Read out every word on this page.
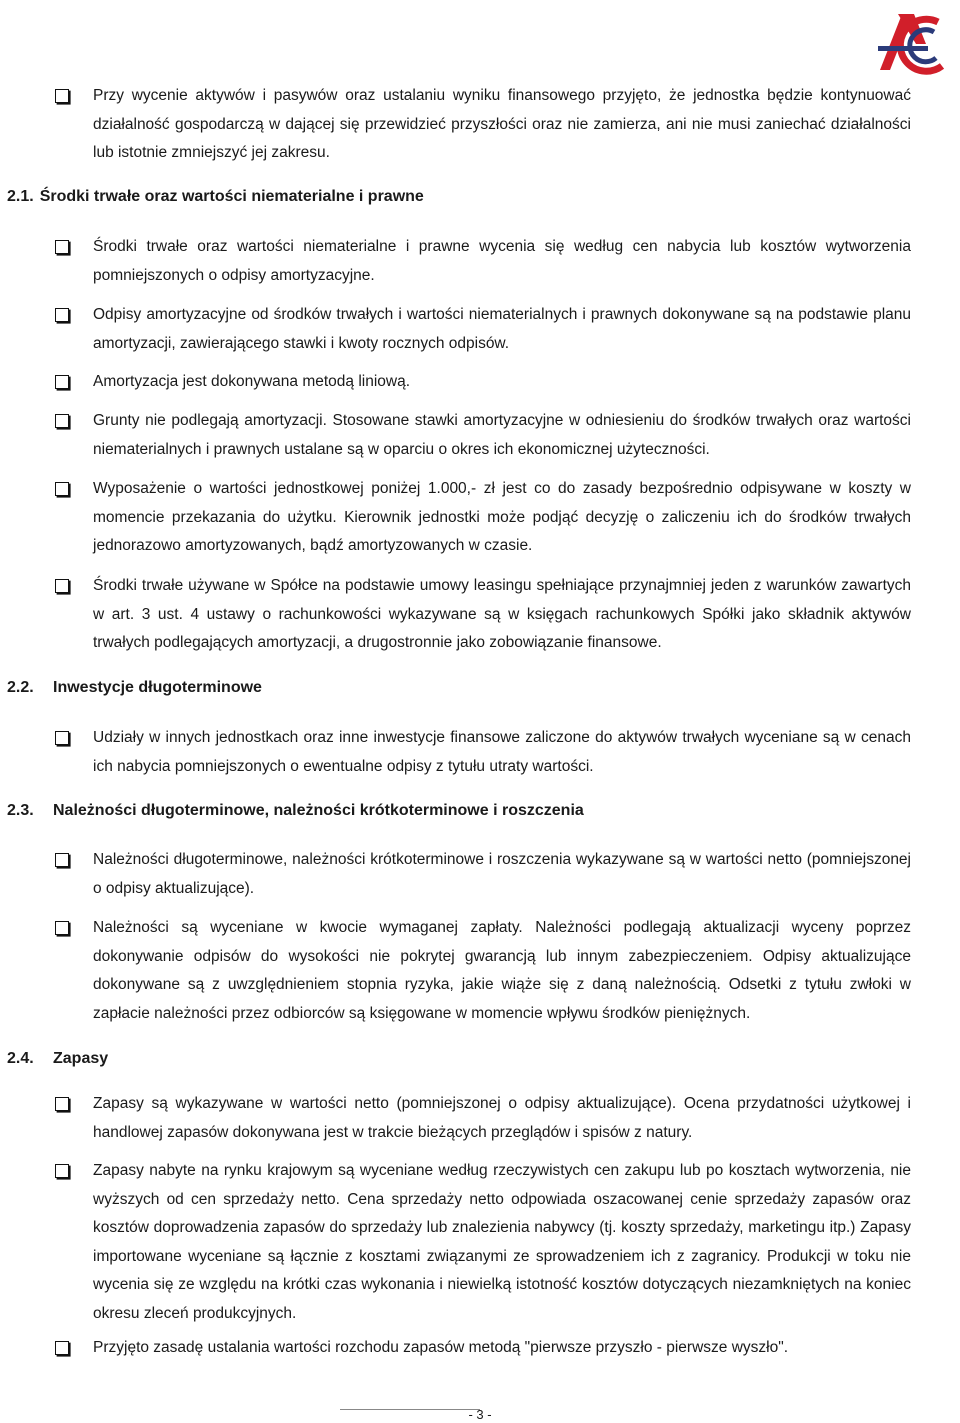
Przy wycenie aktywów i pasywów oraz ustalaniu wyniku finansowego przyjęto, że jednostka będzie kontynuować działalność gospodarczą w dającej się przewidzieć przyszłości oraz nie zamierza, ani nie musi zaniechać działalności lub istotnie zmniejszyć jej zakresu.
2.1. Środki trwałe oraz wartości niematerialne i prawne
Środki trwałe oraz wartości niematerialne i prawne wycenia się według cen nabycia lub kosztów wytworzenia pomniejszonych o odpisy amortyzacyjne.
Odpisy amortyzacyjne od środków trwałych i wartości niematerialnych i prawnych dokonywane są na podstawie planu amortyzacji, zawierającego stawki i kwoty rocznych odpisów.
Amortyzacja jest dokonywana metodą liniową.
Grunty nie podlegają amortyzacji. Stosowane stawki amortyzacyjne w odniesieniu do środków trwałych oraz wartości niematerialnych i prawnych ustalane są w oparciu o okres ich ekonomicznej użyteczności.
Wyposażenie o wartości jednostkowej poniżej 1.000,- zł jest co do zasady bezpośrednio odpisywane w koszty w momencie przekazania do użytku. Kierownik jednostki może podjąć decyzję o zaliczeniu ich do środków trwałych jednorazowo amortyzowanych, bądź amortyzowanych w czasie.
Środki trwałe używane w Spółce na podstawie umowy leasingu spełniające przynajmniej jeden z warunków zawartych w art. 3 ust. 4 ustawy o rachunkowości wykazywane są w księgach rachunkowych Spółki jako składnik aktywów trwałych podlegających amortyzacji, a drugostronnie jako zobowiązanie finansowe.
2.2. Inwestycje długoterminowe
Udziały w innych jednostkach oraz inne inwestycje finansowe zaliczone do aktywów trwałych wyceniane są w cenach ich nabycia pomniejszonych o ewentualne odpisy z tytułu utraty wartości.
2.3. Należności długoterminowe, należności krótkoterminowe i roszczenia
Należności długoterminowe, należności krótkoterminowe i roszczenia wykazywane są w wartości netto (pomniejszonej o odpisy aktualizujące).
Należności są wyceniane w kwocie wymaganej zapłaty. Należności podlegają aktualizacji wyceny poprzez dokonywanie odpisów do wysokości nie pokrytej gwarancją lub innym zabezpieczeniem. Odpisy aktualizujące dokonywane są z uwzględnieniem stopnia ryzyka, jakie wiąże się z daną należnością. Odsetki z tytułu zwłoki w zapłacie należności przez odbiorców są księgowane w momencie wpływu środków pieniężnych.
2.4. Zapasy
Zapasy są wykazywane w wartości netto (pomniejszonej o odpisy aktualizujące). Ocena przydatności użytkowej i handlowej zapasów dokonywana jest w trakcie bieżących przeglądów i spisów z natury.
Zapasy nabyte na rynku krajowym są wyceniane według rzeczywistych cen zakupu lub po kosztach wytworzenia, nie wyższych od cen sprzedaży netto. Cena sprzedaży netto odpowiada oszacowanej cenie sprzedaży zapasów oraz kosztów doprowadzenia zapasów do sprzedaży lub znalezienia nabywcy (tj. koszty sprzedaży, marketingu itp.) Zapasy importowane wyceniane są łącznie z kosztami związanymi ze sprowadzeniem ich z zagranicy. Produkcji w toku nie wycenia się ze względu na krótki czas wykonania i niewielką istotność kosztów dotyczących niezamkniętych na koniec okresu zleceń produkcyjnych.
Przyjęto zasadę ustalania wartości rozchodu zapasów metodą "pierwsze przyszło - pierwsze wyszło".
- 3 -
